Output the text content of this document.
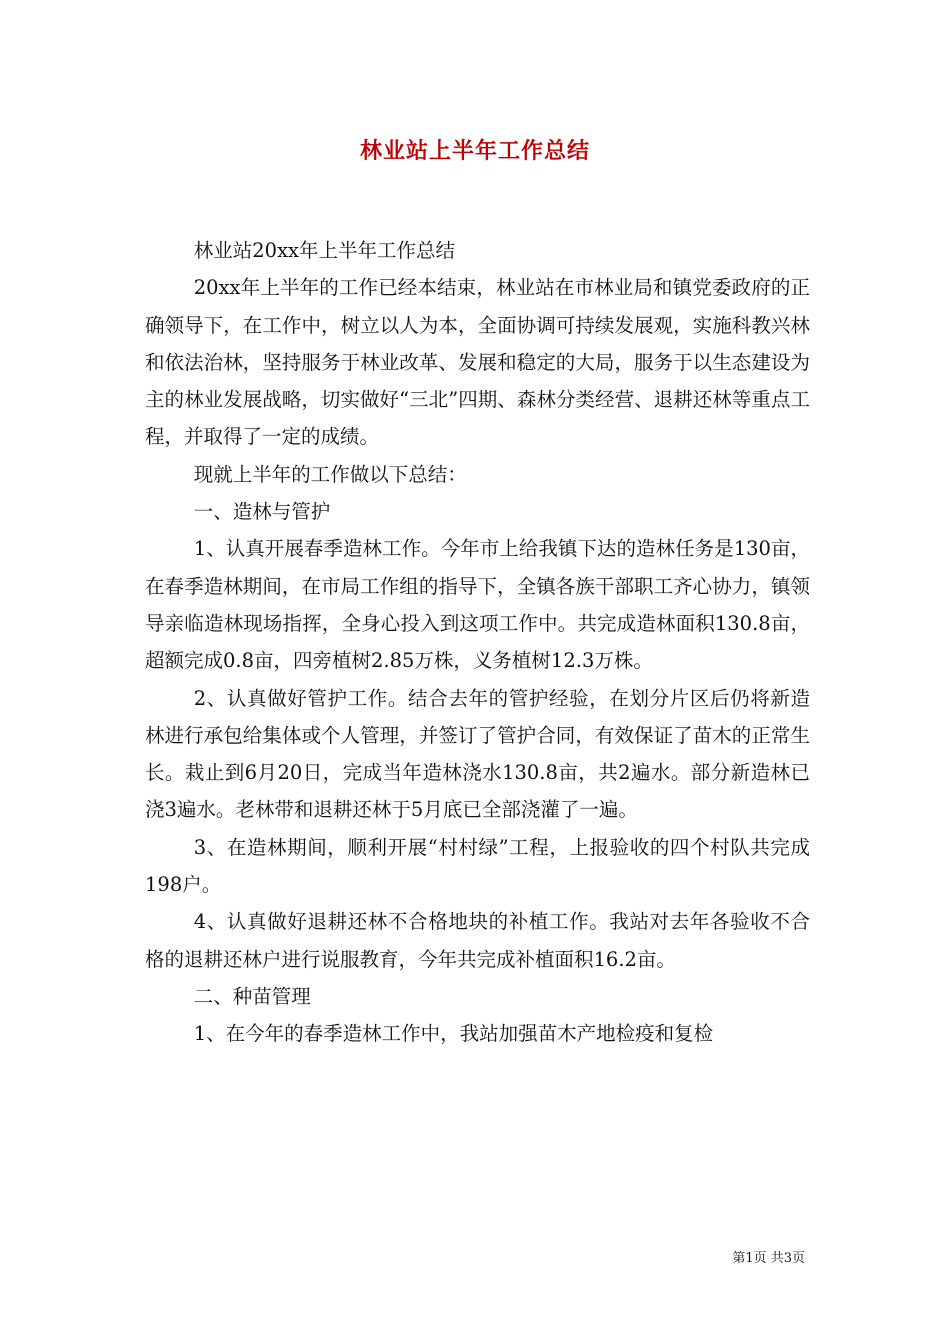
林业站上半年工作总结

林业站20xx年上半年工作总结

20xx年上半年的工作已经本结束，林业站在市林业局和镇党委政府的正确领导下，在工作中，树立以人为本，全面协调可持续发展观，实施科教兴林和依法治林，坚持服务于林业改革、发展和稳定的大局，服务于以生态建设为主的林业发展战略，切实做好“三北”四期、森林分类经营、退耕还林等重点工程，并取得了一定的成绩。

现就上半年的工作做以下总结：

一、造林与管护

1、认真开展春季造林工作。今年市上给我镇下达的造林任务是130亩，在春季造林期间，在市局工作组的指导下，全镇各族干部职工齐心协力，镇领导亲临造林现场指挥，全身心投入到这项工作中。共完成造林面积130.8亩，超额完成0.8亩，四旁植树2.85万株，义务植树12.3万株。

2、认真做好管护工作。结合去年的管护经验，在划分片区后仍将新造林进行承包给集体或个人管理，并签订了管护合同，有效保证了苗木的正常生长。栽止到6月20日，完成当年造林浇水130.8亩，共2遍水。部分新造林已浇3遍水。老林带和退耕还林于5月底已全部浇灌了一遍。

3、在造林期间，顺利开展“村村绿”工程，上报验收的四个村队共完成198户。

4、认真做好退耕还林不合格地块的补植工作。我站对去年各验收不合格的退耕还林户进行说服教育，今年共完成补植面积16.2亩。

二、种苗管理

1、在今年的春季造林工作中，我站加强苗木产地检疫和复检

第1页 共3页
